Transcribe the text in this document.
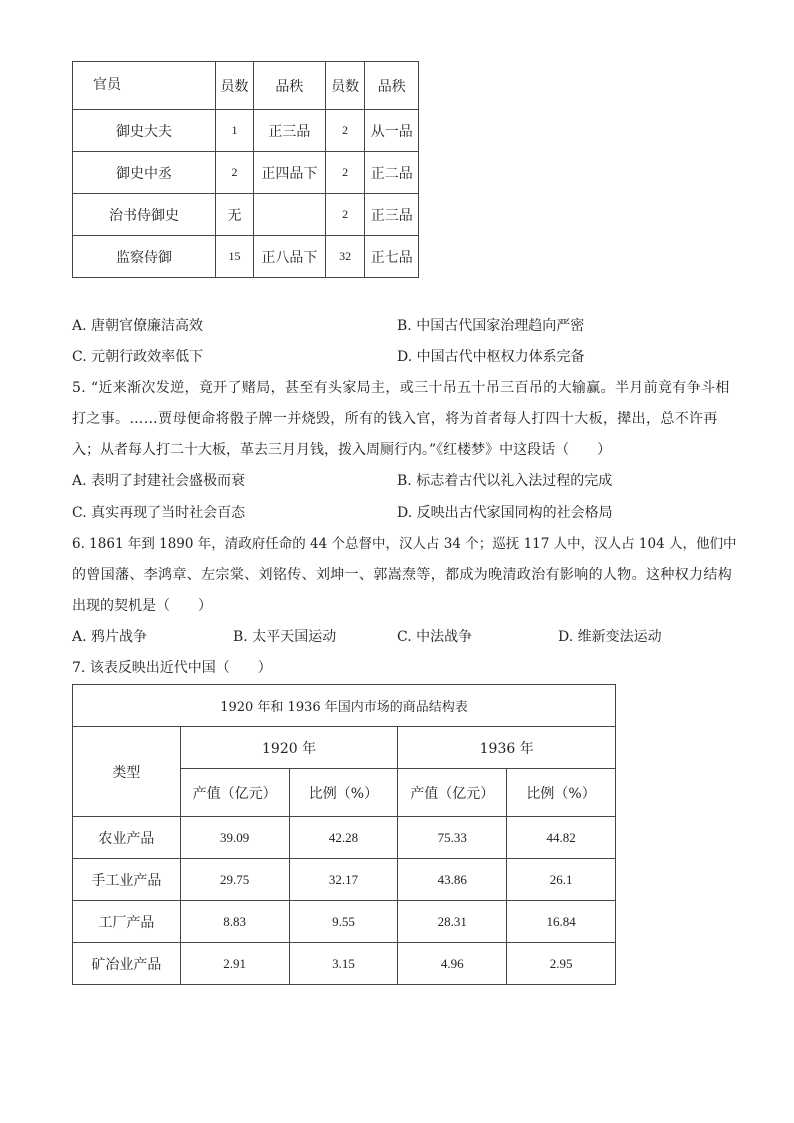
官员	员数	品秩	员数	品秩
御史大夫	1	正三品	2	从一品
御史中丞	2	正四品下	2	正二品
治书侍御史	无		2	正三品
监察侍御	15	正八品下	32	正七品
A. 唐朝官僚廉洁高效	B. 中国古代国家治理趋向严密
C. 元朝行政效率低下	D. 中国古代中枢权力体系完备
5. “近来渐次发逆，竟开了赌局，甚至有头家局主，或三十吊五十吊三百吊的大输赢。半月前竟有争斗相
打之事。……贾母便命将骰子牌一并烧毁，所有的钱入官，将为首者每人打四十大板，撵出，总不许再
入；从者每人打二十大板，革去三月月钱，拨入周厕行内。”《红楼梦》中这段话（　　）
A. 表明了封建社会盛极而衰	B. 标志着古代以礼入法过程的完成
C. 真实再现了当时社会百态	D. 反映出古代家国同构的社会格局
6. 1861 年到 1890 年，清政府任命的 44 个总督中，汉人占 34 个；巡抚 117 人中，汉人占 104 人，他们中
的曾国藩、李鸿章、左宗棠、刘铭传、刘坤一、郭嵩焘等，都成为晚清政治有影响的人物。这种权力结构
出现的契机是（　　）
A. 鸦片战争	B. 太平天国运动	C. 中法战争	D. 维新变法运动
7. 该表反映出近代中国（　　）
1920 年和 1936 年国内市场的商品结构表				
类型	1920 年		1936 年	
	产值（亿元）	比例（%）	产值（亿元）	比例（%）
农业产品	39.09	42.28	75.33	44.82
手工业产品	29.75	32.17	43.86	26.1
工厂产品	8.83	9.55	28.31	16.84
矿冶业产品	2.91	3.15	4.96	2.95
